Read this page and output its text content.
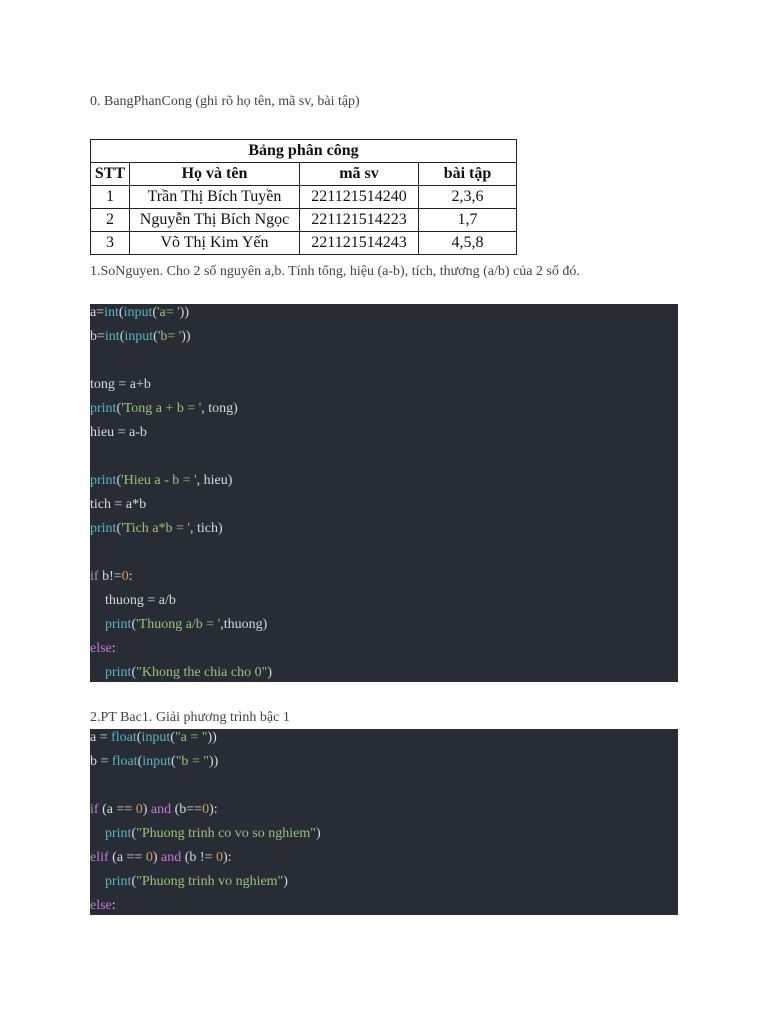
0. BangPhanCong (ghi rõ họ tên, mã sv, bài tập)
Bảng phân công			
STT	Họ và tên	mã sv	bài tập
1	Trần Thị Bích Tuyền	221121514240	2,3,6
2	Nguyễn Thị Bích Ngọc	221121514223	1,7
3	Võ Thị Kim Yến	221121514243	4,5,8
1.SoNguyen. Cho 2 số nguyên a,b. Tính tổng, hiệu (a-b), tích, thương (a/b) của 2 số đó.
a=int(input('a= '))
b=int(input('b= '))

tong = a+b
print('Tong a + b = ', tong)
hieu = a-b

print('Hieu a - b = ', hieu)
tich = a*b
print('Tich a*b = ', tich)

if b!=0:
thuong = a/b
print('Thuong a/b = ',thuong)
else:
print("Khong the chia cho 0")
2.PT Bac1. Giải phương trình bậc 1
a = float(input("a = "))
b = float(input("b = "))

if (a == 0) and (b==0):
print("Phuong trinh co vo so nghiem")
elif (a == 0) and (b != 0):
print("Phuong trinh vo nghiem")
else:
